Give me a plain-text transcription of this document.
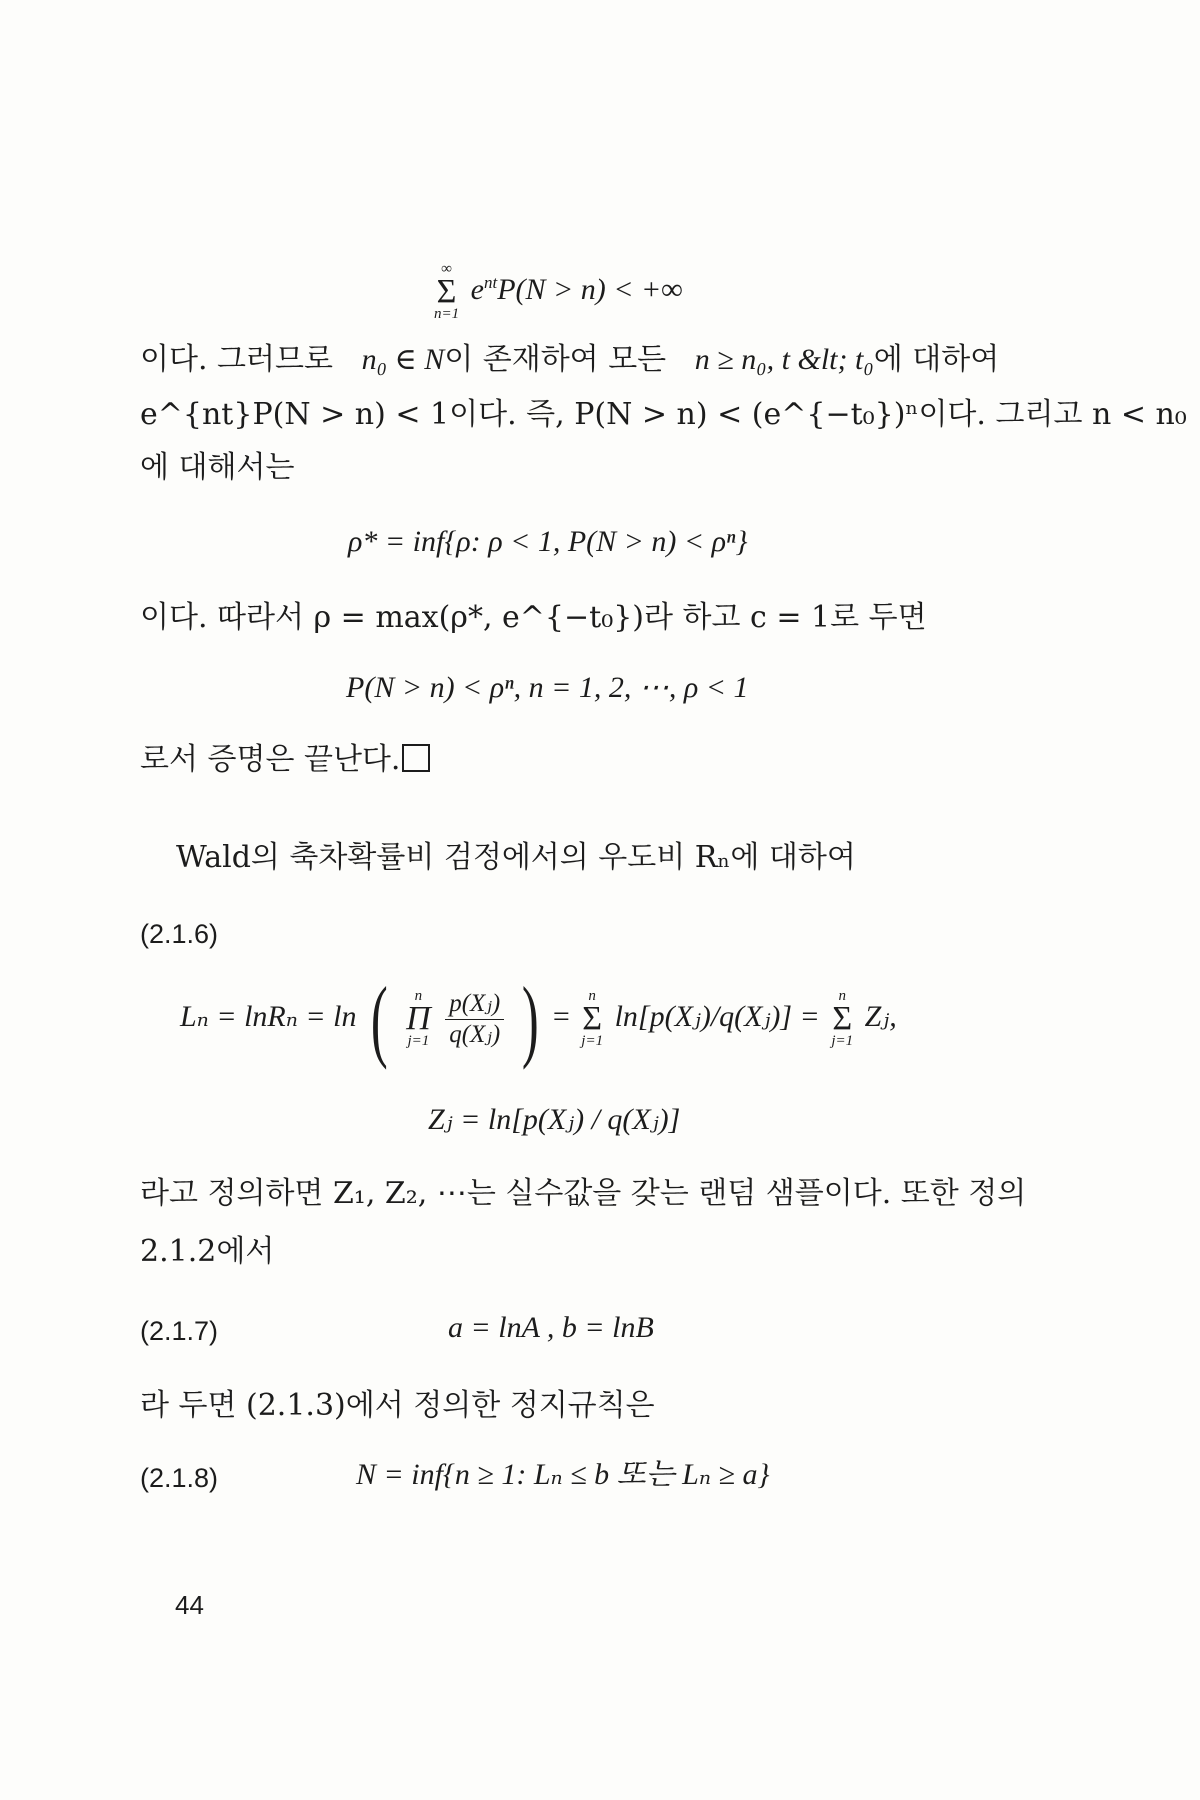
∞
Σ
n=1
$e^{nt}P(N > n)$ < +∞
이다. 그러므로 n₀ ∈ N이 존재하여 모든 n ≥ n₀, t &lt; t₀에 대하여
e^{nt}P(N > n) < 1이다. 즉, P(N > n) < (e^{−t₀})ⁿ이다. 그리고 n < n₀
에 대해서는
ρ* = inf{ρ: ρ < 1, P(N > n) < ρⁿ}
이다. 따라서 ρ = max(ρ*, e^{−t₀})라 하고 c = 1로 두면
P(N > n) < ρⁿ, n = 1, 2, ⋯, ρ < 1
로서 증명은 끝난다.
Wald의 축차확률비 검정에서의 우도비 Rₙ에 대하여
(2.1.6)
Lₙ = lnRₙ = ln (	n
Π
j=1
$\frac{\text{p(Xⱼ)}}{\text{q(Xⱼ)}}$ ) =
n
Σ
j=1
ln[p(Xⱼ)/q(Xⱼ)] =
n
Σ
j=1
Zⱼ,
Zⱼ = ln[p(Xⱼ) / q(Xⱼ)]
라고 정의하면 Z₁, Z₂, ⋯는 실수값을 갖는 랜덤 샘플이다. 또한 정의
2.1.2에서
(2.1.7)	a = lnA , b = lnB
라 두면 (2.1.3)에서 정의한 정지규칙은
(2.1.8)	N = inf{n ≥ 1: Lₙ ≤ b 또는 Lₙ ≥ a}
44
